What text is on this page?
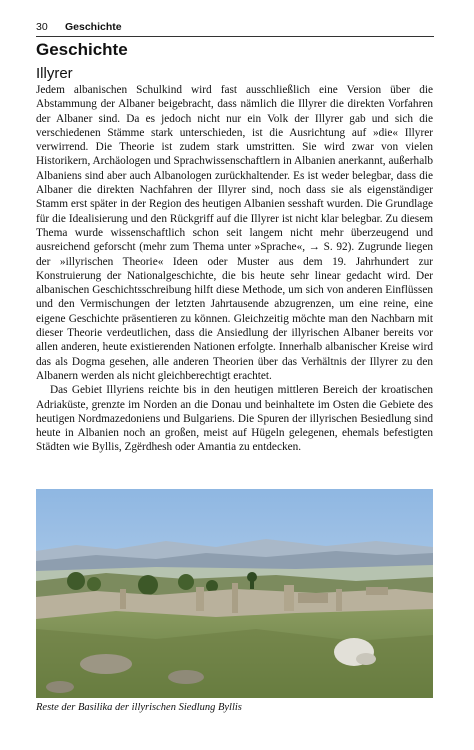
30 Geschichte
Geschichte
Illyrer

Jedem albanischen Schulkind wird fast ausschließlich eine Version über die Abstammung der Albaner beigebracht, dass nämlich die Illyrer die direkten Vorfahren der Albaner sind. Da es jedoch nicht nur ein Volk der Illyrer gab und sich die verschiedenen Stämme stark unterschieden, ist die Ausrichtung auf »die« Illyrer verwirrend. Die Theorie ist zudem stark umstritten. Sie wird zwar von vielen Historikern, Archäologen und Sprachwissenschaftlern in Albanien anerkannt, außerhalb Albaniens sind aber auch Albanologen zurückhaltender. Es ist weder belegbar, dass die Albaner die direkten Nachfahren der Illyrer sind, noch dass sie als eigenständiger Stamm erst später in der Region des heutigen Albanien sesshaft wurden. Die Grundlage für die Idealisierung und den Rückgriff auf die Illyrer ist nicht klar belegbar. Zu diesem Thema wurde wissenschaftlich schon seit langem nicht mehr überzeugend und ausreichend geforscht (mehr zum Thema unter »Sprache«, → S. 92). Zugrunde liegen der »illyrischen Theorie« Ideen oder Muster aus dem 19. Jahrhundert zur Konstruierung der Nationalgeschichte, die bis heute sehr linear gedacht wird. Der albanischen Geschichtsschreibung hilft diese Methode, um sich von anderen Einflüssen und den Vermischungen der letzten Jahrtausende abzugrenzen, um eine reine, eine eigene Geschichte präsentieren zu können. Gleichzeitig möchte man den Nachbarn mit dieser Theorie verdeutlichen, dass die Ansiedlung der illyrischen Albaner bereits vor allen anderen, heute existierenden Nationen erfolgte. Innerhalb albanischer Kreise wird das als Dogma gesehen, alle anderen Theorien über das Verhältnis der Illyrer zu den Albanern werden als nicht gleichberechtigt erachtet.

Das Gebiet Illyriens reichte bis in den heutigen mittleren Bereich der kroatischen Adriaküste, grenzte im Norden an die Donau und beinhaltete im Osten die Gebiete des heutigen Nordmazedoniens und Bulgariens. Die Spuren der illyrischen Besiedlung sind heute in Albanien noch an großen, meist auf Hügeln gelegenen, ehemals befestigten Städten wie Byllis, Zgërdhesh oder Amantia zu entdecken.

Reste der Basilika der illyrischen Siedlung Byllis
